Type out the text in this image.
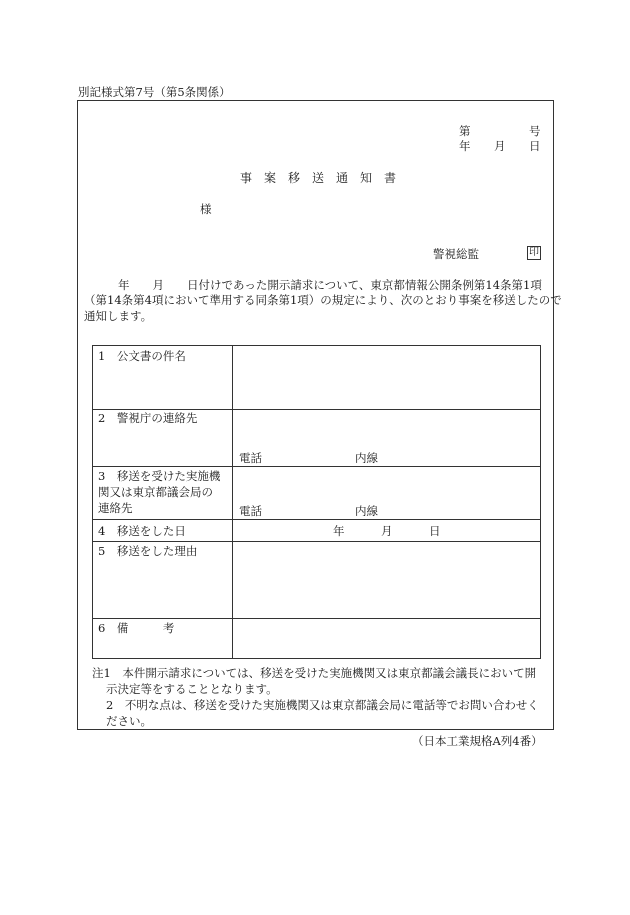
別記様式第7号（第5条関係）
第	号
年 月 日
事　案　移　送　通　知　書
様
警視総監	印
年　　月　　日付けであった開示請求について、東京都情報公開条例第14条第1項
（第14条第4項において準用する同条第1項）の規定により、次のとおり事案を移送したので
通知します。
1　公文書の件名
2　警視庁の連絡先
電話	内線
3　移送を受けた実施機
関又は東京都議会局の
連絡先	電話	内線
4　移送をした日	年	月	日
5　移送をした理由
6　備　　　考
注1　本件開示請求については、移送を受けた実施機関又は東京都議会議長において開
示決定等をすることとなります。
2　不明な点は、移送を受けた実施機関又は東京都議会局に電話等でお問い合わせく
ださい。
（日本工業規格A列4番）
